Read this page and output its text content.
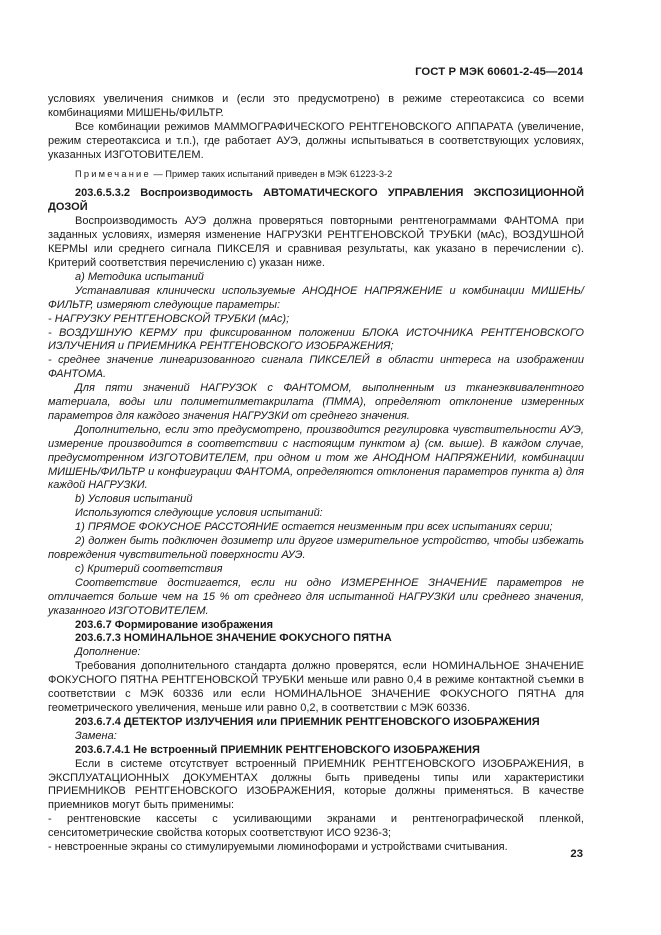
ГОСТ Р МЭК 60601-2-45—2014

условиях увеличения снимков и (если это предусмотрено) в режиме стереотаксиса со всеми комбинациями МИШЕНЬ/ФИЛЬТР.

Все комбинации режимов МАММОГРАФИЧЕСКОГО РЕНТГЕНОВСКОГО АППАРАТА (увеличение, режим стереотаксиса и т.п.), где работает АУЭ, должны испытываться в соответствующих условиях, указанных ИЗГОТОВИТЕЛЕМ.

Примечание — Пример таких испытаний приведен в МЭК 61223-3-2

203.6.5.3.2 Воспроизводимость АВТОМАТИЧЕСКОГО УПРАВЛЕНИЯ ЭКСПОЗИЦИОННОЙ ДОЗОЙ

Воспроизводимость АУЭ должна проверяться повторными рентгенограммами ФАНТОМА при заданных условиях, измеряя изменение НАГРУЗКИ РЕНТГЕНОВСКОЙ ТРУБКИ (мАс), ВОЗДУШНОЙ КЕРМЫ или среднего сигнала ПИКСЕЛЯ и сравнивая результаты, как указано в перечислении с). Критерий соответствия перечислению с) указан ниже.

a) Методика испытаний

Устанавливая клинически используемые АНОДНОЕ НАПРЯЖЕНИЕ и комбинации МИШЕНЬ/ФИЛЬТР, измеряют следующие параметры:

- НАГРУЗКУ РЕНТГЕНОВСКОЙ ТРУБКИ (мАс);

- ВОЗДУШНУЮ КЕРМУ при фиксированном положении БЛОКА ИСТОЧНИКА РЕНТГЕНОВСКОГО ИЗЛУЧЕНИЯ и ПРИЕМНИКА РЕНТГЕНОВСКОГО ИЗОБРАЖЕНИЯ;

- среднее значение линеаризованного сигнала ПИКСЕЛЕЙ в области интереса на изображении ФАНТОМА.

Для пяти значений НАГРУЗОК с ФАНТОМОМ, выполненным из тканеэквивалентного материала, воды или полиметилметакрилата (ПММА), определяют отклонение измеренных параметров для каждого значения НАГРУЗКИ от среднего значения.

Дополнительно, если это предусмотрено, производится регулировка чувствительности АУЭ, измерение производится в соответствии с настоящим пунктом а) (см. выше). В каждом случае, предусмотренном ИЗГОТОВИТЕЛЕМ, при одном и том же АНОДНОМ НАПРЯЖЕНИИ, комбинации МИШЕНЬ/ФИЛЬТР и конфигурации ФАНТОМА, определяются отклонения параметров пункта а) для каждой НАГРУЗКИ.

b) Условия испытаний

Используются следующие условия испытаний:

1) ПРЯМОЕ ФОКУСНОЕ РАССТОЯНИЕ остается неизменным при всех испытаниях серии;

2) должен быть подключен дозиметр или другое измерительное устройство, чтобы избежать повреждения чувствительной поверхности АУЭ.

c) Критерий соответствия

Соответствие достигается, если ни одно ИЗМЕРЕННОЕ ЗНАЧЕНИЕ параметров не отличается больше чем на 15 % от среднего для испытанной НАГРУЗКИ или среднего значения, указанного ИЗГОТОВИТЕЛЕМ.

203.6.7 Формирование изображения

203.6.7.3 НОМИНАЛЬНОЕ ЗНАЧЕНИЕ ФОКУСНОГО ПЯТНА

Дополнение:

Требования дополнительного стандарта должно проверятся, если НОМИНАЛЬНОЕ ЗНАЧЕНИЕ ФОКУСНОГО ПЯТНА РЕНТГЕНОВСКОЙ ТРУБКИ меньше или равно 0,4 в режиме контактной съемки в соответствии с МЭК 60336 или если НОМИНАЛЬНОЕ ЗНАЧЕНИЕ ФОКУСНОГО ПЯТНА для геометрического увеличения, меньше или равно 0,2, в соответствии с МЭК 60336.

203.6.7.4 ДЕТЕКТОР ИЗЛУЧЕНИЯ или ПРИЕМНИК РЕНТГЕНОВСКОГО ИЗОБРАЖЕНИЯ

Замена:

203.6.7.4.1 Не встроенный ПРИЕМНИК РЕНТГЕНОВСКОГО ИЗОБРАЖЕНИЯ

Если в системе отсутствует встроенный ПРИЕМНИК РЕНТГЕНОВСКОГО ИЗОБРАЖЕНИЯ, в ЭКСПЛУАТАЦИОННЫХ ДОКУМЕНТАХ должны быть приведены типы или характеристики ПРИЕМНИКОВ РЕНТГЕНОВСКОГО ИЗОБРАЖЕНИЯ, которые должны применяться. В качестве приемников могут быть применимы:

- рентгеновские кассеты с усиливающими экранами и рентгенографической пленкой, сенситометрические свойства которых соответствуют ИСО 9236-3;

- невстроенные экраны со стимулируемыми люминофорами и устройствами считывания.

23
